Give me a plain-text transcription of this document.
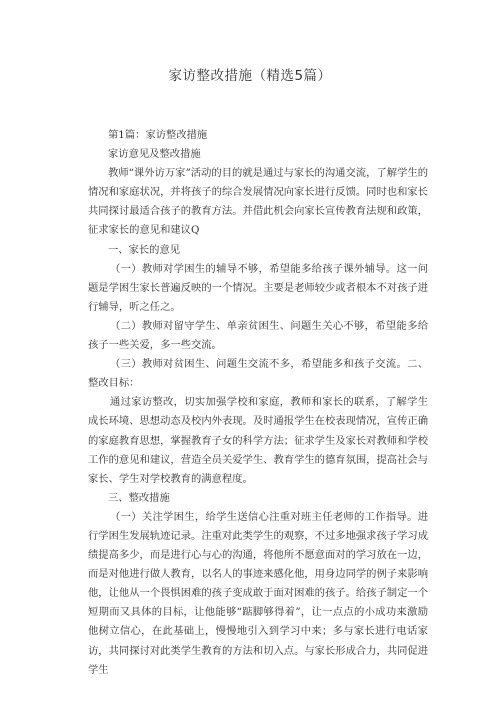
家访整改措施（精选5篇）

第1篇：家访整改措施

家访意见及整改措施

教师“课外访万家”活动的目的就是通过与家长的沟通交流，了解学生的情况和家庭状况，并将孩子的综合发展情况向家长进行反馈。同时也和家长共同探讨最适合孩子的教育方法。并借此机会向家长宣传教育法规和政策，征求家长的意见和建议Q

一、家长的意见

（一）教师对学困生的辅导不够，希望能多给孩子课外辅导。这一问题是学困生家长普遍反映的一个情况。主要是老师较少或者根本不对孩子进行辅导，听之任之。

（二）教师对留守学生、单亲贫困生、问题生关心不够，希望能多给孩子一些关爱，多一些交流。

（三）教师对贫困生、问题生交流不多，希望能多和孩子交流。二、整改目标：

通过家访整改，切实加强学校和家庭，教师和家长的联系，了解学生成长环境、思想动态及校内外表现。及时通报学生在校表现情况，宣传正确的家庭教育思想，掌握教育子女的科学方法；征求学生及家长对教师和学校工作的意见和建议，营造全员关爱学生、教育学生的德育氛围，提高社会与家长、学生对学校教育的满意程度。

三、整改措施

（一）关注学困生，给学生送信心注重对班主任老师的工作指导。进行学困生发展轨迹记录。注重对此类学生的观察，不过多地强求孩子学习成绩提高多少，而是进行心与心的沟通，将他所不愿意面对的学习放在一边，而是对他进行做人教育，以名人的事迹来感化他，用身边同学的例子来影响他，让他从一个畏惧困难的孩子变成敢于面对困难的孩子。给孩子制定一个短期而又具体的目标，让他能够“踮脚够得着”，让一点点的小成功来激励他树立信心，在此基础上，慢慢地引入到学习中来；多与家长进行电话家访，共同探讨对此类学生教育的方法和切入点。与家长形成合力，共同促进学生
